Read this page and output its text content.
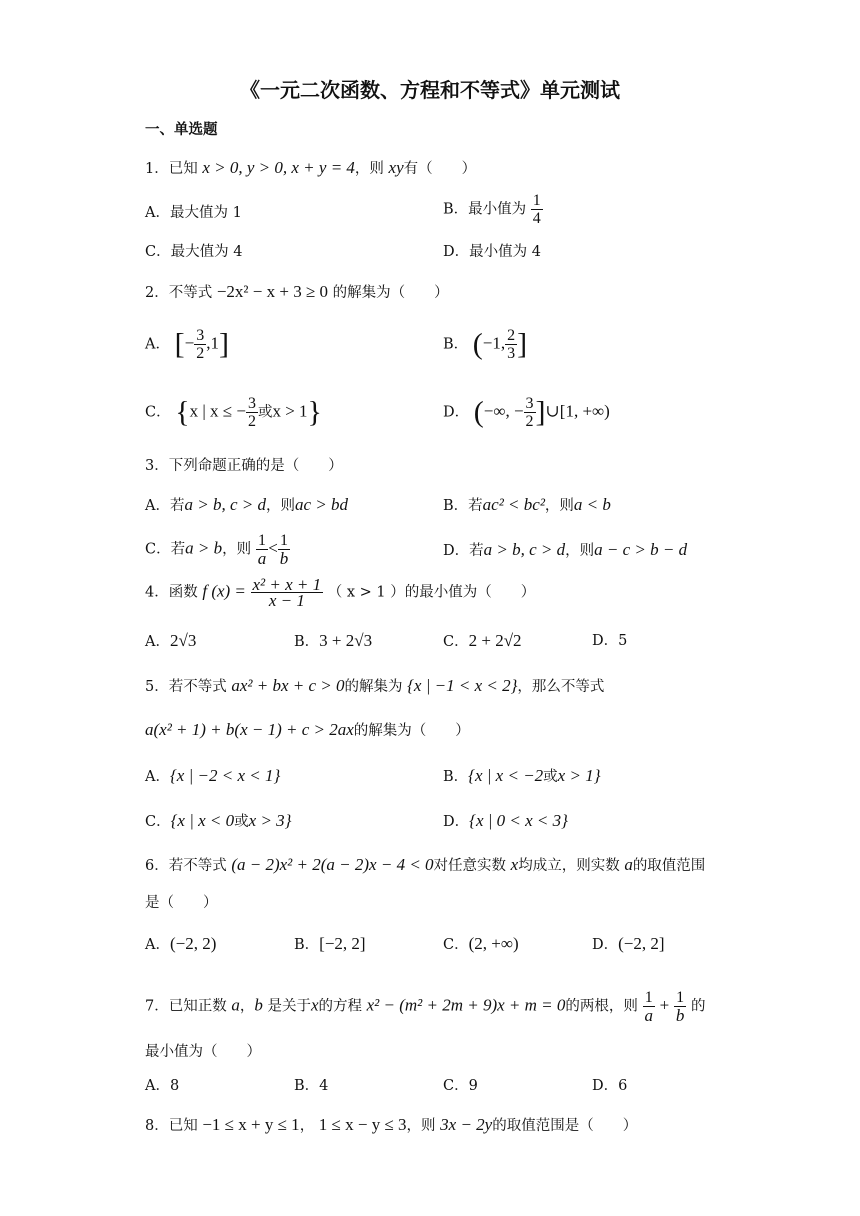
《一元二次函数、方程和不等式》单元测试
一、单选题
1．已知 x > 0, y > 0, x + y = 4，则 xy有（　　）
A．最大值为 1	B．最小值为 $\frac{1}{4}$
C．最大值为 4	D．最小值为 4
2．不等式 −2x² − x + 3 ≥ 0 的解集为（　　）
A． [− $\frac{3}{2} ,1$]	B． (−1, $\frac{2}{3}$ ]
C． {x | x ≤ − $\frac{3}{2}$ 或x > 1}	D． (−∞, − $\frac{3}{2}$ ]∪[1, +∞)
3．下列命题正确的是（　　）
A．若a > b, c > d，则ac > bd	B．若ac² < bc²，则a < b
C．若a > b，则 $\frac{1}{a} < \frac{1}{b}$	D．若a > b, c > d，则a − c > b − d
4．函数 f $(x) = \frac{\text{x² + x + 1}}{x - 1}$ （ x > 1 ）的最小值为（　　）
A．2√3	B．3 + 2√3	C．2 + 2√2	D．5
5．若不等式 ax² + bx + c > 0的解集为 {x | −1 < x < 2}，那么不等式
a(x² + 1) + b(x − 1) + c > 2ax的解集为（　　）
A．{x | −2 < x < 1}	B．{x | x < −2或x > 1}
C．{x | x < 0或x > 3}	D．{x | 0 < x < 3}
6．若不等式 (a − 2)x² + 2(a − 2)x − 4 < 0对任意实数 x均成立，则实数 a的取值范围
是（　　）
A．(−2, 2)	B．[−2, 2]	C．(2, +∞)	D．(−2, 2]
7．已知正数 a，b 是关于x的方程 x² − (m² + 2m + 9)x + m = 0的两根，则 $\frac{1}{a} + \frac{1}{b}$ 的
最小值为（　　）
A．8	B．4	C．9	D．6
8．已知 −1 ≤ x + y ≤ 1， 1 ≤ x − y ≤ 3，则 3x − 2y的取值范围是（　　）
